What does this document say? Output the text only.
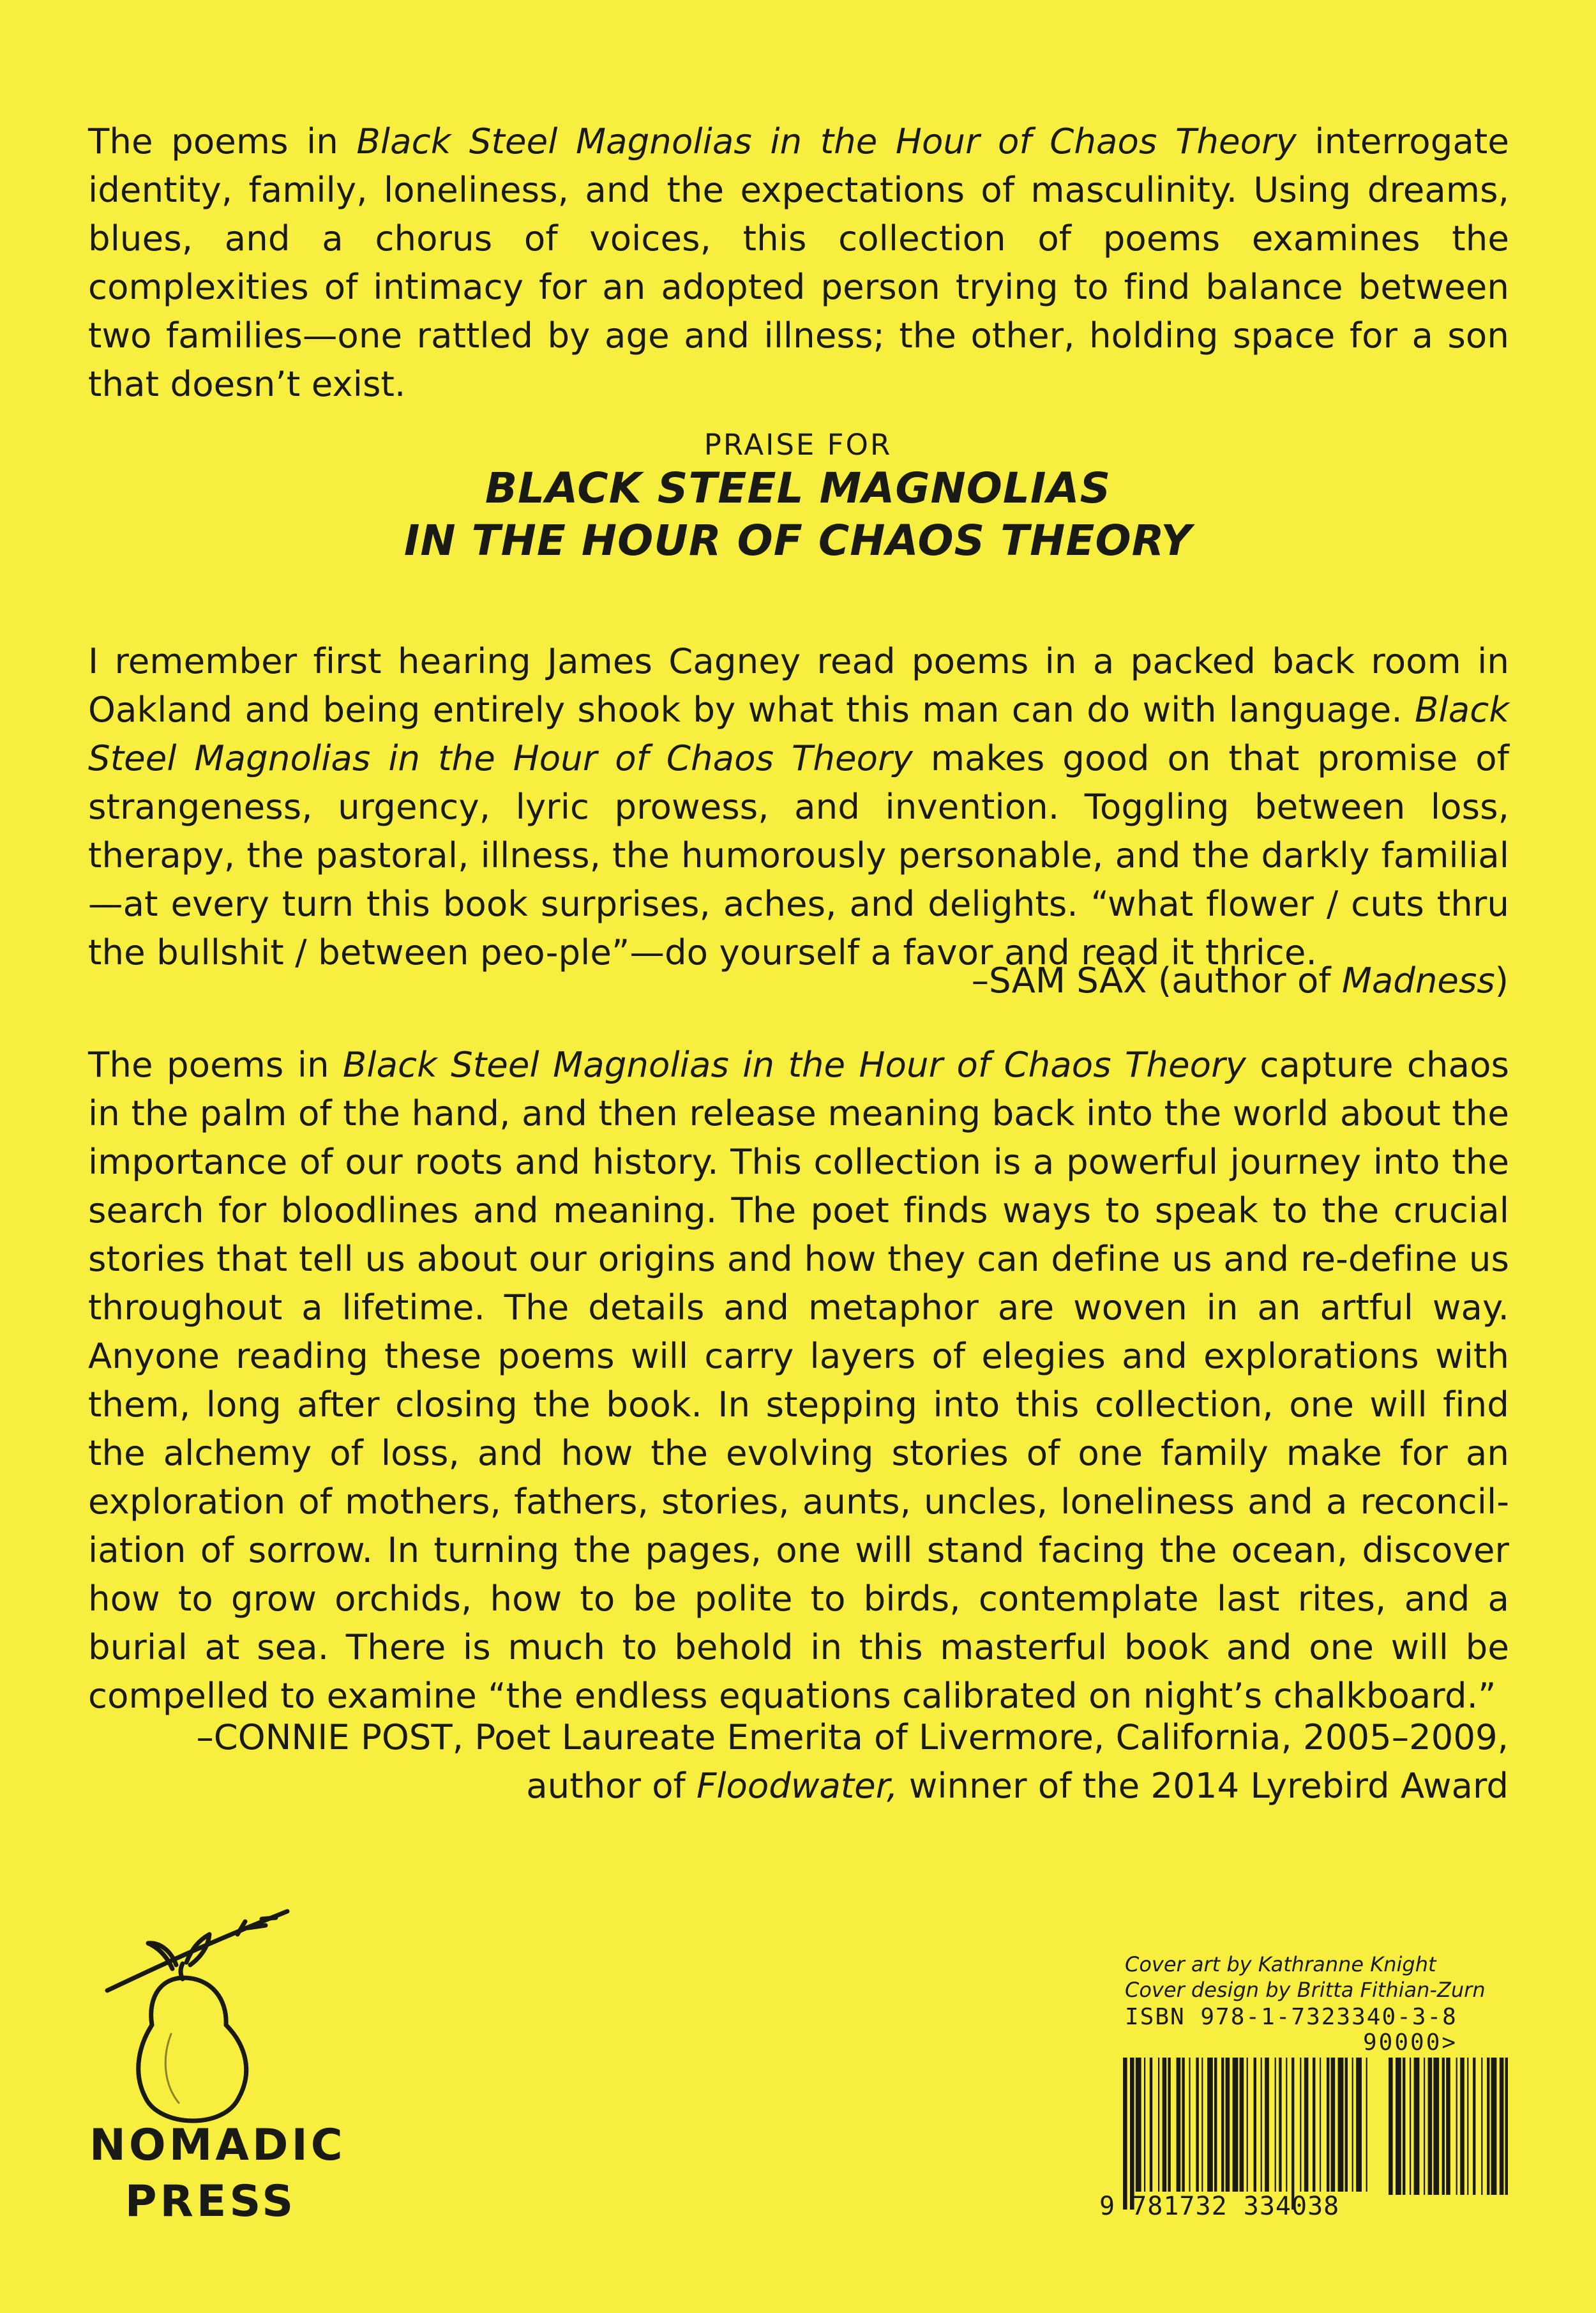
The poems in Black Steel Magnolias in the Hour of Chaos Theory interrogate identity, family, loneliness, and the expectations of masculinity. Using dreams, blues, and a chorus of voices, this collection of poems examines the complexities of intimacy for an adopted person trying to find balance between two families—one rattled by age and illness; the other, holding space for a son that doesn’t exist.
PRAISE FOR
BLACK STEEL MAGNOLIAS
IN THE HOUR OF CHAOS THEORY
I remember first hearing James Cagney read poems in a packed back room in Oakland and being entirely shook by what this man can do with language. Black Steel Magnolias in the Hour of Chaos Theory makes good on that promise of strangeness, urgency, lyric prowess, and invention. Toggling between loss, therapy, the pastoral, illness, the humorously personable, and the darkly familial—at every turn this book surprises, aches, and delights. “what flower / cuts thru the bullshit / between peo-ple”—do yourself a favor and read it thrice.
–SAM SAX (author of Madness)
The poems in Black Steel Magnolias in the Hour of Chaos Theory capture chaos in the palm of the hand, and then release meaning back into the world about the importance of our roots and history. This collection is a powerful journey into the search for bloodlines and meaning. The poet finds ways to speak to the crucial stories that tell us about our origins and how they can define us and re-define us throughout a lifetime. The details and metaphor are woven in an artful way. Anyone reading these poems will carry layers of elegies and explorations with them, long after closing the book. In stepping into this collection, one will find the alchemy of loss, and how the evolving stories of one family make for an exploration of mothers, fathers, stories, aunts, uncles, loneliness and a reconcil-iation of sorrow. In turning the pages, one will stand facing the ocean, discover how to grow orchids, how to be polite to birds, contemplate last rites, and a burial at sea. There is much to behold in this masterful book and one will be compelled to examine “the endless equations calibrated on night’s chalkboard.”
–CONNIE POST, Poet Laureate Emerita of Livermore, California, 2005–2009,
author of Floodwater, winner of the 2014 Lyrebird Award
NOMADIC
PRESS
Cover art by Kathranne Knight
Cover design by Britta Fithian-Zurn
ISBN 978-1-7323340-3-8
90000>
9 781732 334038
